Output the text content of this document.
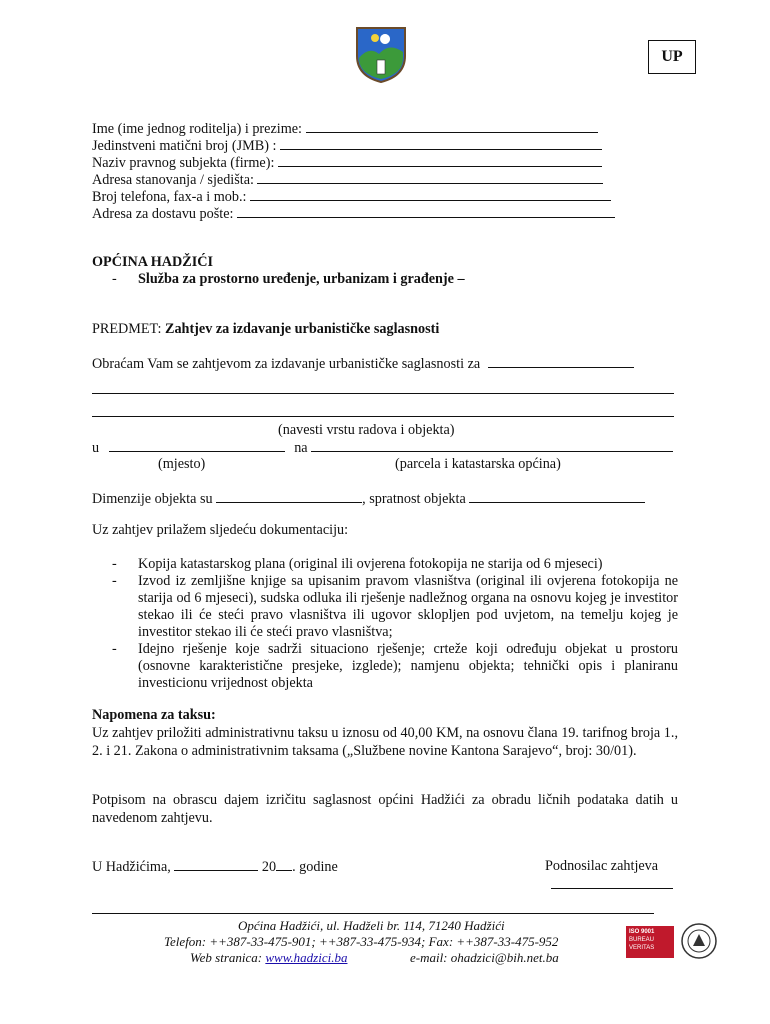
UP
Ime (ime jednog roditelja) i prezime:
Jedinstveni matični broj (JMB) :
Naziv pravnog subjekta (firme):
Adresa stanovanja / sjedišta:
Broj telefona, fax-a i mob.:
Adresa za dostavu pošte:
OPĆINA HADŽIĆI
- Služba za prostorno uređenje, urbanizam i građenje –
PREDMET: Zahtjev za izdavanje urbanističke saglasnosti
Obraćam Vam se zahtjevom za izdavanje urbanističke saglasnosti za
(navesti vrstu radova i objekta)
u	na
(mjesto)	(parcela i katastarska općina)
Dimenzije objekta su	, spratnost objekta
Uz zahtjev prilažem sljedeću dokumentaciju:
- Kopija katastarskog plana (original ili ovjerena fotokopija ne starija od 6 mjeseci)
- Izvod iz zemljišne knjige sa upisanim pravom vlasništva (original ili ovjerena fotokopija ne starija od 6 mjeseci), sudska odluka ili rješenje nadležnog organa na osnovu kojeg je investitor stekao ili će steći pravo vlasništva ili ugovor sklopljen pod uvjetom, na temelju kojeg je investitor stekao ili će steći pravo vlasništva;
- Idejno rješenje koje sadrži situaciono rješenje; crteže koji određuju objekat u prostoru (osnovne karakteristične presjeke, izglede); namjenu objekta; tehnički opis i planiranu investicionu vrijednost objekta
Napomena za taksu:
Uz zahtjev priložiti administrativnu taksu u iznosu od 40,00 KM, na osnovu člana 19. tarifnog broja 1., 2. i 21. Zakona o administrativnim taksama („Službene novine Kantona Sarajevo“, broj: 30/01).
Potpisom na obrascu dajem izričitu saglasnost općini Hadžići za obradu ličnih podataka datih u navedenom zahtjevu.
U Hadžićima,	20 . godine	Podnosilac zahtjeva
Općina Hadžići, ul. Hadželi br. 114, 71240 Hadžići
Telefon: ++387-33-475-901; ++387-33-475-934; Fax: ++387-33-475-952
Web stranica: www.hadzici.ba	e-mail: ohadzici@bih.net.ba
ISO 9001
BUREAU VERITAS
